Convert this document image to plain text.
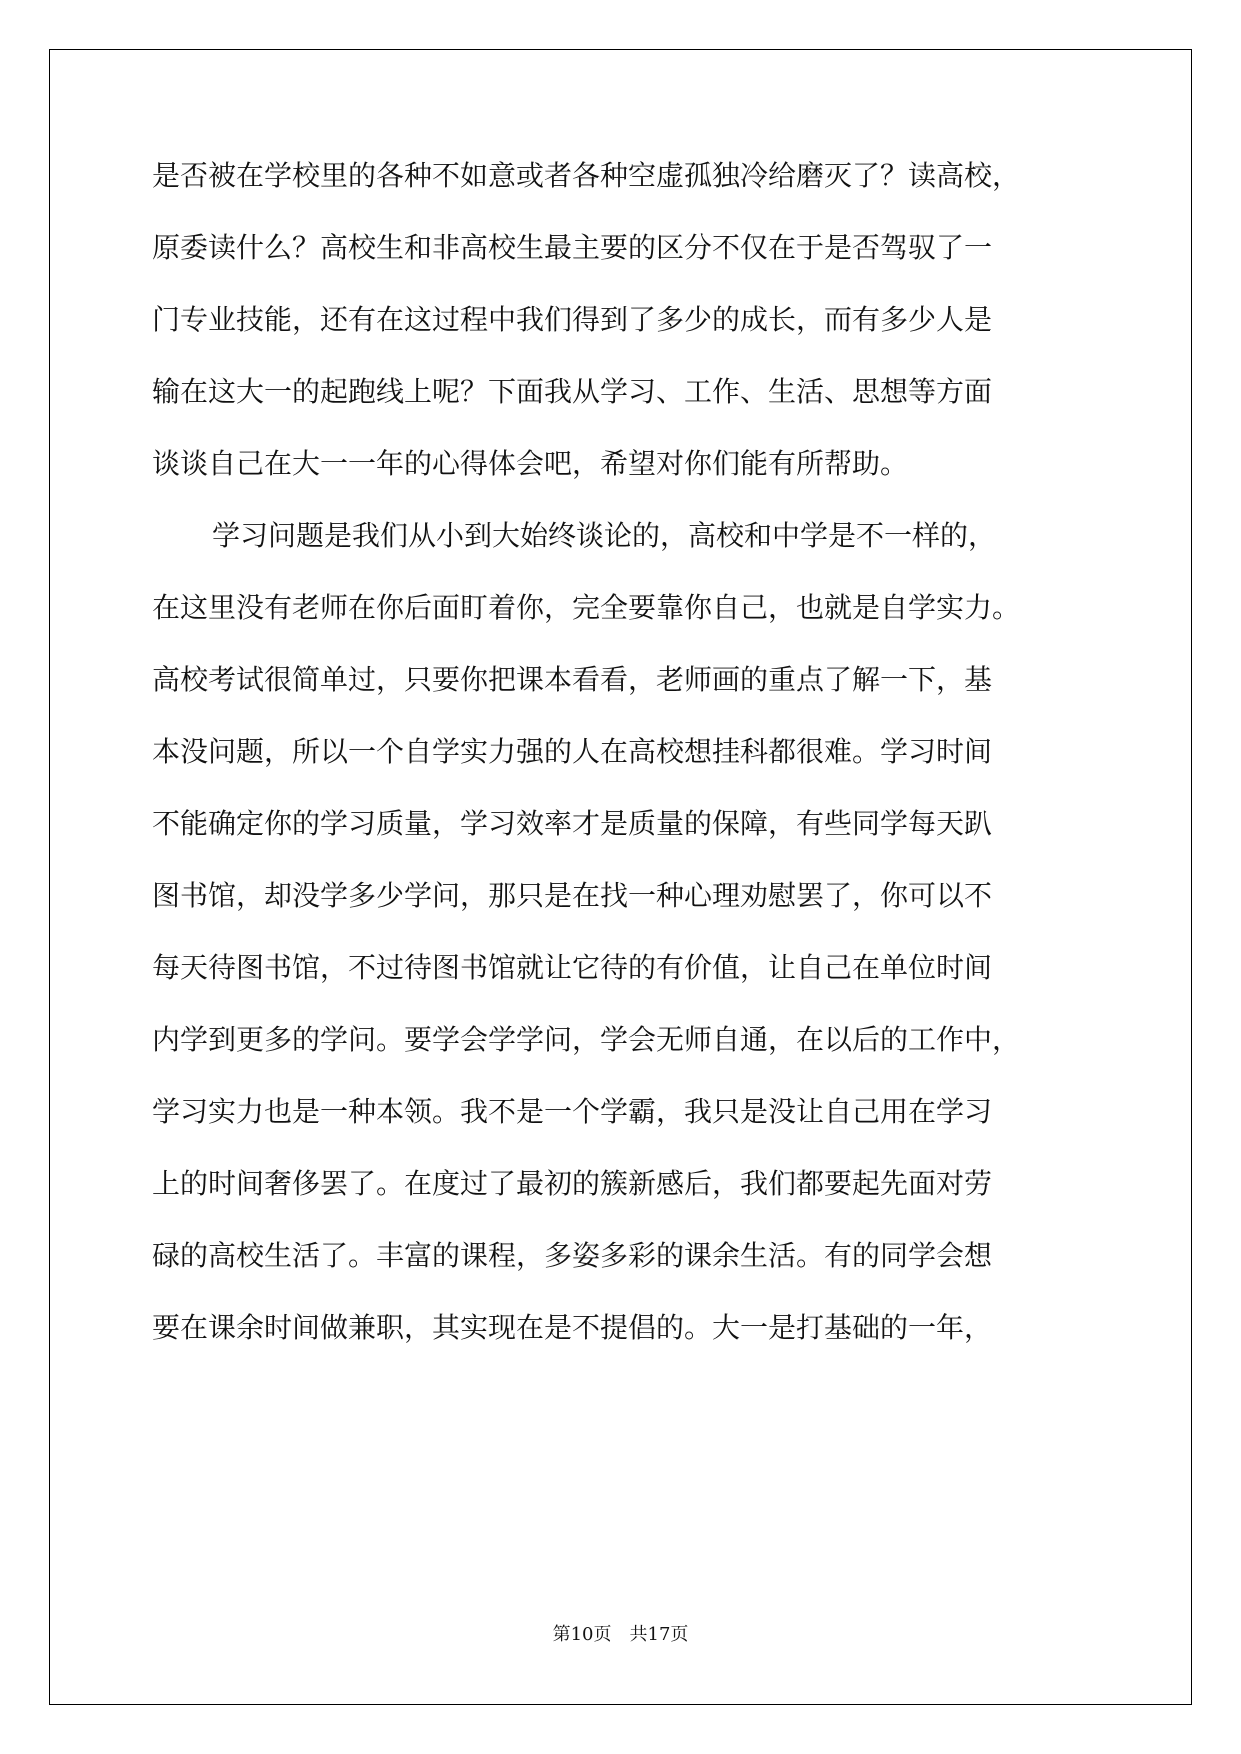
是否被在学校里的各种不如意或者各种空虚孤独冷给磨灭了？读高校，
原委读什么？高校生和非高校生最主要的区分不仅在于是否驾驭了一
门专业技能，还有在这过程中我们得到了多少的成长，而有多少人是
输在这大一的起跑线上呢？下面我从学习、工作、生活、思想等方面
谈谈自己在大一一年的心得体会吧，希望对你们能有所帮助。
学习问题是我们从小到大始终谈论的，高校和中学是不一样的，
在这里没有老师在你后面盯着你，完全要靠你自己，也就是自学实力。
高校考试很简单过，只要你把课本看看，老师画的重点了解一下，基
本没问题，所以一个自学实力强的人在高校想挂科都很难。学习时间
不能确定你的学习质量，学习效率才是质量的保障，有些同学每天趴
图书馆，却没学多少学问，那只是在找一种心理劝慰罢了，你可以不
每天待图书馆，不过待图书馆就让它待的有价值，让自己在单位时间
内学到更多的学问。要学会学学问，学会无师自通，在以后的工作中，
学习实力也是一种本领。我不是一个学霸，我只是没让自己用在学习
上的时间奢侈罢了。在度过了最初的簇新感后，我们都要起先面对劳
碌的高校生活了。丰富的课程，多姿多彩的课余生活。有的同学会想
要在课余时间做兼职，其实现在是不提倡的。大一是打基础的一年，
第10页 共17页
